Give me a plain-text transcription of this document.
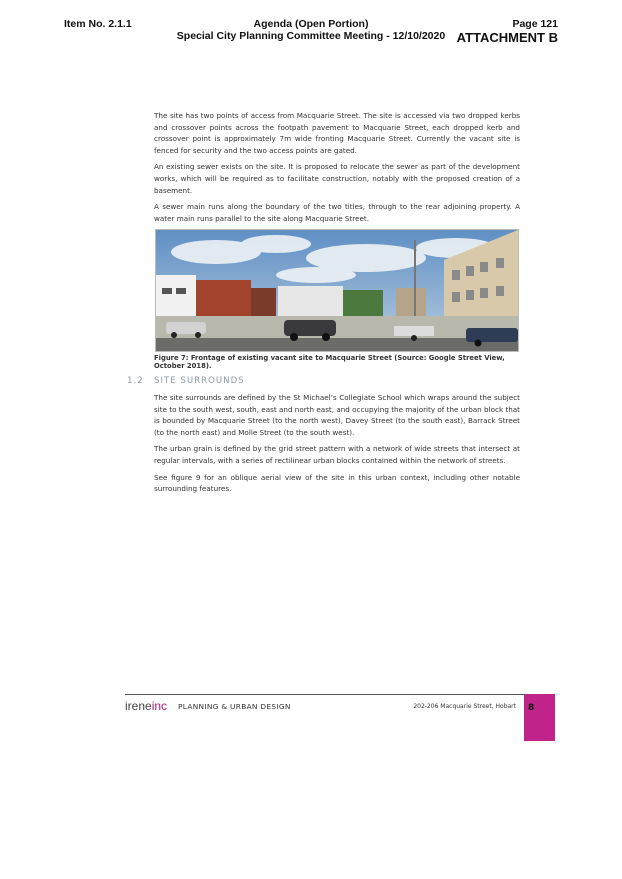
Item No. 2.1.1	Agenda (Open Portion)
Special City Planning Committee Meeting - 12/10/2020
Page 121
ATTACHMENT B

The site has two points of access from Macquarie Street. The site is accessed via two dropped kerbs and crossover points across the footpath pavement to Macquarie Street, each dropped kerb and crossover point is approximately 7m wide fronting Macquarie Street. Currently the vacant site is fenced for security and the two access points are gated.

An existing sewer exists on the site. It is proposed to relocate the sewer as part of the development works, which will be required as to facilitate construction, notably with the proposed creation of a basement.

A sewer main runs along the boundary of the two titles, through to the rear adjoining property. A water main runs parallel to the site along Macquarie Street.

Figure 7: Frontage of existing vacant site to Macquarie Street (Source: Google Street View, October 2018).
1.2 SITE SURROUNDS

The site surrounds are defined by the St Michael’s Collegiate School which wraps around the subject site to the south west, south, east and north east, and occupying the majority of the urban block that is bounded by Macquarie Street (to the north west), Davey Street (to the south east), Barrack Street (to the north east) and Molle Street (to the south west).

The urban grain is defined by the grid street pattern with a network of wide streets that intersect at regular intervals, with a series of rectilinear urban blocks contained within the network of streets.

See figure 9 for an oblique aerial view of the site in this urban context, including other notable surrounding features.

ireneinc PLANNING & URBAN DESIGN	202-206 Macquarie Street, Hobart 8
